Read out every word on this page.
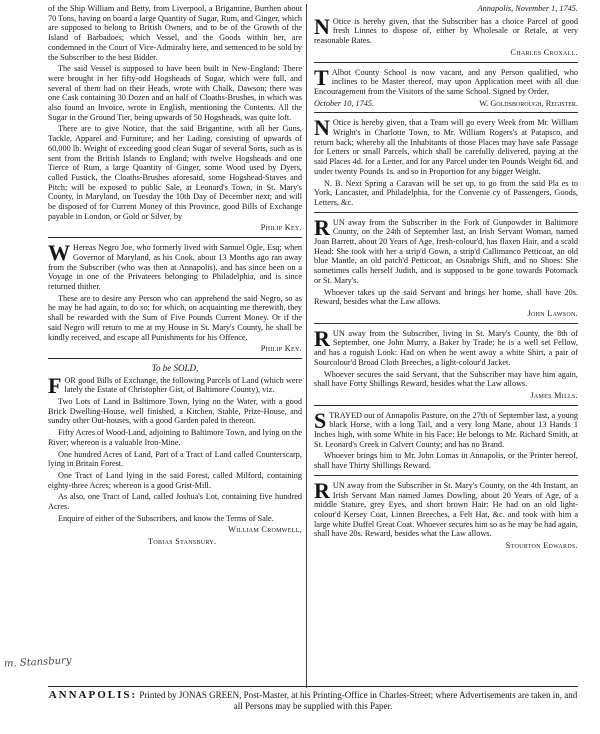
of the Ship William and Betty, from Liverpool, a Brigantine, Burthen about 70 Tons, having on board a large Quantity of Sugar, Rum, and Ginger, which are supposed to belong to British Owners, and to be of the Growth of the Island of Barbadoes; which Vessel, and the Goods within her, are condemned in the Court of Vice-Admiralty here, and sentenced to be sold by the Subscriber to the best Bidder.

The said Vessel is supposed to have been built in New-England: There were brought in her fifty-odd Hogsheads of Sugar, which were full, and several of them had on their Heads, wrote with Chalk, Dawson; there was one Cask containing 30 Dozen and an half of Cloaths-Brushes, in which was also found an Invoice, wrote in English, mentioning the Contents. All the Sugar in the Ground Tier, being upwards of 50 Hogsheads, was quite loft.

There are to give Notice, that the said Brigantine, with all her Guns, Tackle, Apparel and Furniture; and her Lading, consisting of upwards of 60,000 lb. Weight of exceeding good clean Sugar of several Sorts, such as is sent from the British Islands to England; with twelve Hogsheads and one Tierce of Rum, a large Quantity of Ginger, some Wood used by Dyers, called Fustick, the Cloaths-Brushes aforesaid, some Hogshead-Staves and Pitch; will be exposed to public Sale, at Leonard's Town, in St. Mary's County, in Maryland, on Tuesday the 10th Day of December next; and will be disposed of for Current Money of this Province, good Bills of Exchange payable in London, or Gold or Silver, by

Philip Key.

W Hereas Negro Joe, who formerly lived with Samuel Ogle, Esq; when Governor of Maryland, as his Cook, about 13 Months ago ran away from the Subscriber (who was then at Annapolis), and has since been on a Voyage in one of the Privateers belonging to Philadelphia, and is since returned thither.

These are to desire any Person who can apprehend the said Negro, so as he may be had again, to do so; for which, on acquainting me therewith, they shall be rewarded with the Sum of Five Pounds Current Money. Or if the said Negro will return to me at my House in St. Mary's County, he shall be kindly received, and escape all Punishments for his Offence.

Philip Key.
To be SOLD,

FOR good Bills of Exchange, the following Parcels of Land (which were lately the Estate of Christopher Gist, of Baltimore County), viz.

Two Lots of Land in Baltimore Town, lying on the Water, with a good Brick Dwelling-House, well finished, a Kitchen, Stable, Prize-House, and sundry other Out-houses, with a good Garden paled in thereon.

Fifty Acres of Wood-Land, adjoining to Baltimore Town, and lying on the River; whereon is a valuable Iron-Mine.

One hundred Acres of Land, Part of a Tract of Land called Counterscarp, lying in Britain Forest.

One Tract of Land lying in the said Forest, called Milford, containing eighty-three Acres; whereon is a good Grist-Mill.

As also, one Tract of Land, called Joshua's Lot, containing five hundred Acres.

Enquire of either of the Subscribers, and know the Terms of Sale.

William Cromwell,
Tobias Stansbury.
Annapolis, November 1, 1745.

N Otice is hereby given, that the Subscriber has a choice Parcel of good fresh Linnes to dispose of, either by Wholesale or Retale, at very reasonable Rates.

Charles Croxall.

T Albot County School is now vacant, and any Person qualified, who inclines to be Master thereof, may upon Application meet with all due Encouragement from the Visitors of the same School. Signed by Order,

October 10, 1745.	W. Goldsborough, Register.

N Otice is hereby given, that a Team will go every Week from Mr. William Wright's in Charlotte Town, to Mr. William Rogers's at Patapsco, and return back; whereby all the Inhabitants of those Places may have safe Passage for Letters or small Parcels, which shall be carefully delivered, paying at the said Places 4d. for a Letter, and for any Parcel under ten Pounds Weight 6d. and under twenty Pounds 1s. and so in Proportion for any bigger Weight.

N. B. Next Spring a Caravan will be set up, to go from the said Pla es to York, Lancaster, and Philadelphia, for the Convenie cy of Passengers, Goods, Letters, &c.

RUN away from the Subscriber in the Fork of Gunpowder in Baltimore County, on the 24th of September last, an Irish Servant Woman, named Joan Barrett, about 20 Years of Age, fresh-colour'd, has flaxen Hair, and a scald Head: She took with her a strip'd Gown, a strip'd Callimanco Petticoat, an old blue Mantle, an old patch'd Petticoat, an Osnabrigs Shift, and no Shoes: She sometimes calls herself Judith, and is supposed to be gone towards Potomack or St. Mary's.

Whoever takes up the said Servant and brings her home, shall have 20s. Reward, besides what the Law allows.

John Lawson.

RUN away from the Subscriber, living in St. Mary's County, the 8th of September, one John Murry, a Baker by Trade; he is a well set Fellow, and has a roguish Look: Had on when he went away a white Shirt, a pair of Sourcolour'd Broad Cloth Breeches, a light-colour'd Jacket.

Whoever secures the said Servant, that the Subscriber may have him again, shall have Forty Shillings Reward, besides what the Law allows.

James Mills.

STRAYED out of Annapolis Pasture, on the 27th of September last, a young black Horse, with a long Tail, and a very long Mane, about 13 Hands 1 Inches high, with some White in his Face: He belongs to Mr. Richard Smith, at St. Leonard's Creek in Calvert County; and has no Brand.

Whoever brings him to Mr. John Lomas in Annapolis, or the Printer hereof, shall have Thirty Shillings Reward.

RUN away from the Subscriber in St. Mary's County, on the 4th Instant, an Irish Servant Man named James Dowling, about 20 Years of Age, of a middle Stature, grey Eyes, and short brown Hair: He had on an old light-colour'd Kersey Coat, Linnen Breeches, a Felt Hat, &c. and took with him a large white Duffel Great Coat. Whoever secures him so as he may be had again, shall have 20s. Reward, besides what the Law allows.

Stourton Edwards.
m. Stansbury
ANNAPOLIS: Printed by JONAS GREEN, Post-Master, at his Printing-Office in Charles-Street; where Advertisements are taken in, and all Persons may be supplied with this Paper.
